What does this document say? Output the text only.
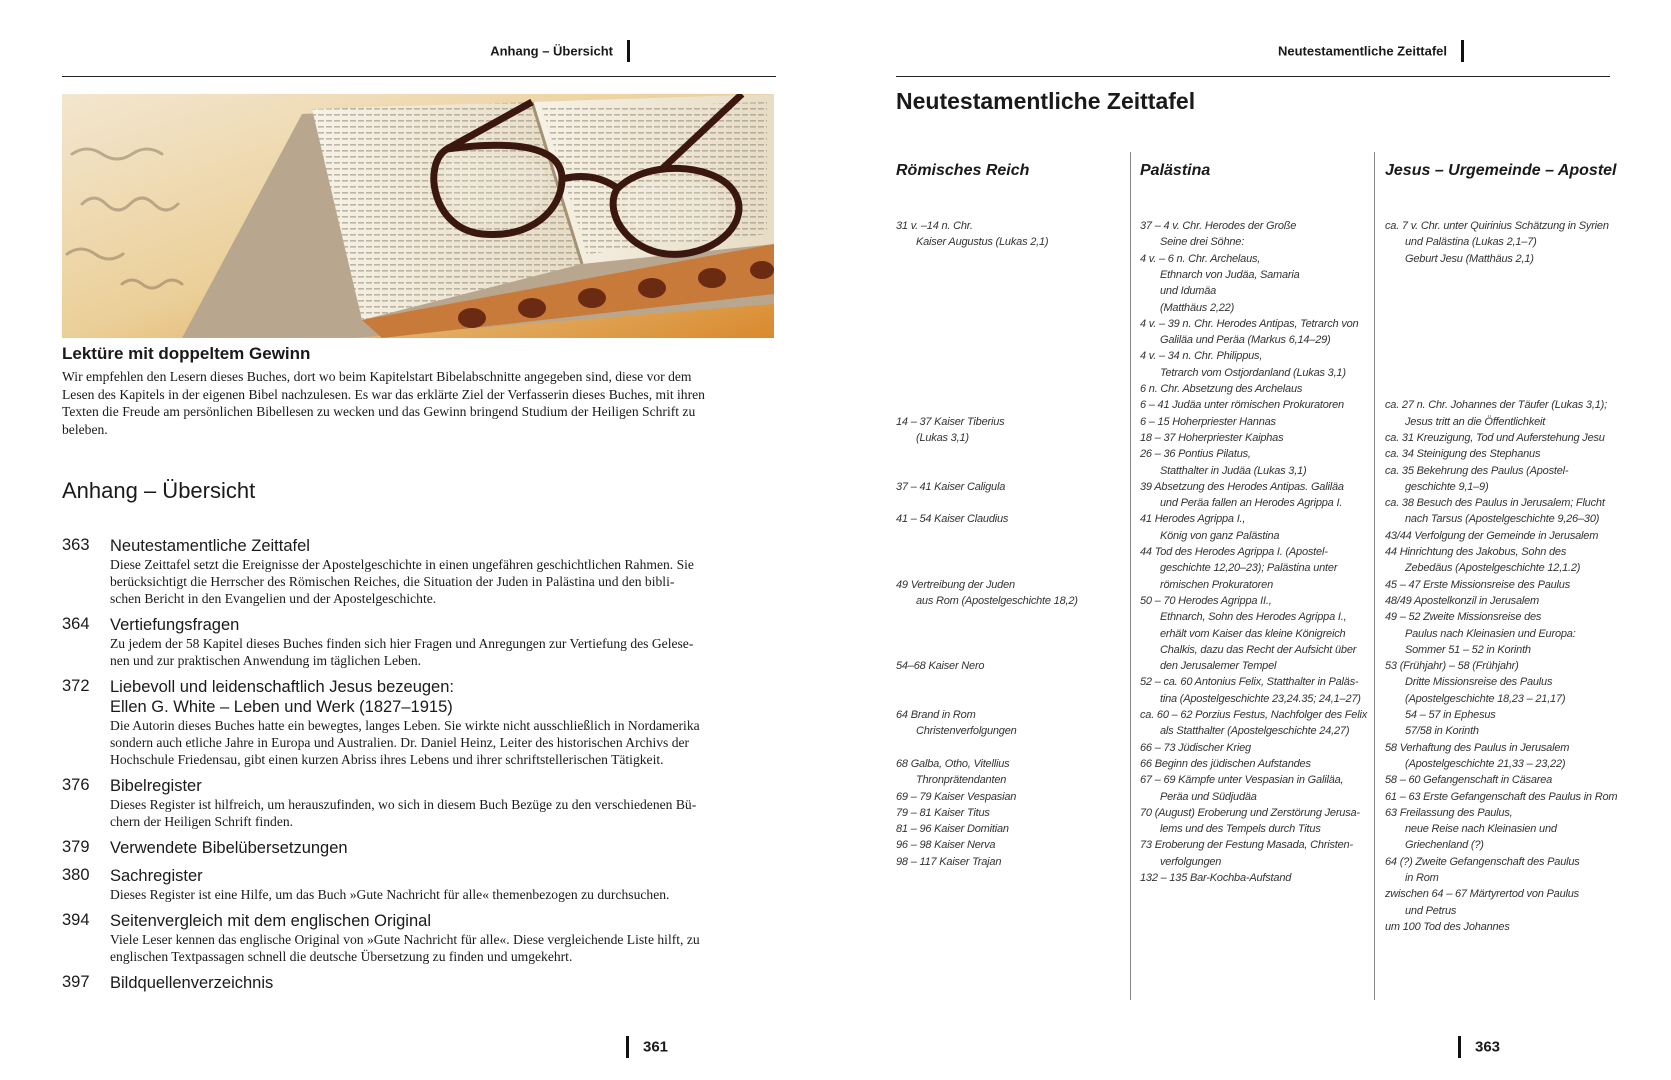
Anhang – Übersicht
Lektüre mit doppeltem Gewinn
Wir empfehlen den Lesern dieses Buches, dort wo beim Kapitelstart Bibelabschnitte angegeben sind, diese vor dem
Lesen des Kapitels in der eigenen Bibel nachzulesen. Es war das erklärte Ziel der Verfasserin dieses Buches, mit ihren
Texten die Freude am persönlichen Bibellesen zu wecken und das Gewinn bringend Studium der Heiligen Schrift zu
beleben.
Anhang – Übersicht
363 Neutestamentliche Zeittafel
Diese Zeittafel setzt die Ereignisse der Apostelgeschichte in einen ungefähren geschichtlichen Rahmen. Sie
berücksichtigt die Herrscher des Römischen Reiches, die Situation der Juden in Palästina und den bibli-
schen Bericht in den Evangelien und der Apostelgeschichte.
364 Vertiefungsfragen
Zu jedem der 58 Kapitel dieses Buches finden sich hier Fragen und Anregungen zur Vertiefung des Gelese-
nen und zur praktischen Anwendung im täglichen Leben.
372 Liebevoll und leidenschaftlich Jesus bezeugen:
Ellen G. White – Leben und Werk (1827–1915)
Die Autorin dieses Buches hatte ein bewegtes, langes Leben. Sie wirkte nicht ausschließlich in Nordamerika
sondern auch etliche Jahre in Europa und Australien. Dr. Daniel Heinz, Leiter des historischen Archivs der
Hochschule Friedensau, gibt einen kurzen Abriss ihres Lebens und ihrer schriftstellerischen Tätigkeit.
376 Bibelregister
Dieses Register ist hilfreich, um herauszufinden, wo sich in diesem Buch Bezüge zu den verschiedenen Bü-
chern der Heiligen Schrift finden.
379 Verwendete Bibelübersetzungen
380 Sachregister
Dieses Register ist eine Hilfe, um das Buch »Gute Nachricht für alle« themenbezogen zu durchsuchen.
394 Seitenvergleich mit dem englischen Original
Viele Leser kennen das englische Original von »Gute Nachricht für alle«. Diese vergleichende Liste hilft, zu
englischen Textpassagen schnell die deutsche Übersetzung zu finden und umgekehrt.
397 Bildquellenverzeichnis
361
Neutestamentliche Zeittafel
Neutestamentliche Zeittafel
Römisches Reich	Palästina	Jesus – Urgemeinde – Apostel
31 v. –14 n. Chr.
Kaiser Augustus (Lukas 2,1)
14 – 37 Kaiser Tiberius
(Lukas 3,1)
37 – 41 Kaiser Caligula
41 – 54 Kaiser Claudius
49 Vertreibung der Juden
aus Rom (Apostelgeschichte 18,2)
54–68 Kaiser Nero
64 Brand in Rom
Christenverfolgungen
68 Galba, Otho, Vitellius
Thronprätendanten
69 – 79 Kaiser Vespasian
79 – 81 Kaiser Titus
81 – 96 Kaiser Domitian
96 – 98 Kaiser Nerva
98 – 117 Kaiser Trajan
37 – 4 v. Chr. Herodes der Große
Seine drei Söhne:
4 v. – 6 n. Chr. Archelaus,
Ethnarch von Judäa, Samaria
und Idumäa
(Matthäus 2,22)
4 v. – 39 n. Chr. Herodes Antipas, Tetrarch von
Galiläa und Peräa (Markus 6,14–29)
4 v. – 34 n. Chr. Philippus,
Tetrarch vom Ostjordanland (Lukas 3,1)
6 n. Chr. Absetzung des Archelaus
6 – 41 Judäa unter römischen Prokuratoren
6 – 15 Hoherpriester Hannas
18 – 37 Hoherpriester Kaiphas
26 – 36 Pontius Pilatus,
Statthalter in Judäa (Lukas 3,1)
39 Absetzung des Herodes Antipas. Galiläa
und Peräa fallen an Herodes Agrippa I.
41 Herodes Agrippa I.,
König von ganz Palästina
44 Tod des Herodes Agrippa I. (Apostel-
geschichte 12,20–23); Palästina unter
römischen Prokuratoren
50 – 70 Herodes Agrippa II.,
Ethnarch, Sohn des Herodes Agrippa I.,
erhält vom Kaiser das kleine Königreich
Chalkis, dazu das Recht der Aufsicht über
den Jerusalemer Tempel
52 – ca. 60 Antonius Felix, Statthalter in Paläs-
tina (Apostelgeschichte 23,24.35; 24,1–27)
ca. 60 – 62 Porzius Festus, Nachfolger des Felix
als Statthalter (Apostelgeschichte 24,27)
66 – 73 Jüdischer Krieg
66 Beginn des jüdischen Aufstandes
67 – 69 Kämpfe unter Vespasian in Galiläa,
Peräa und Südjudäa
70 (August) Eroberung und Zerstörung Jerusa-
lems und des Tempels durch Titus
73 Eroberung der Festung Masada, Christen-
verfolgungen
132 – 135 Bar-Kochba-Aufstand
ca. 7 v. Chr. unter Quirinius Schätzung in Syrien
und Palästina (Lukas 2,1–7)
Geburt Jesu (Matthäus 2,1)
ca. 27 n. Chr. Johannes der Täufer (Lukas 3,1);
Jesus tritt an die Öffentlichkeit
ca. 31 Kreuzigung, Tod und Auferstehung Jesu
ca. 34 Steinigung des Stephanus
ca. 35 Bekehrung des Paulus (Apostel-
geschichte 9,1–9)
ca. 38 Besuch des Paulus in Jerusalem; Flucht
nach Tarsus (Apostelgeschichte 9,26–30)
43/44 Verfolgung der Gemeinde in Jerusalem
44 Hinrichtung des Jakobus, Sohn des
Zebedäus (Apostelgeschichte 12,1.2)
45 – 47 Erste Missionsreise des Paulus
48/49 Apostelkonzil in Jerusalem
49 – 52 Zweite Missionsreise des
Paulus nach Kleinasien und Europa:
Sommer 51 – 52 in Korinth
53 (Frühjahr) – 58 (Frühjahr)
Dritte Missionsreise des Paulus
(Apostelgeschichte 18,23 – 21,17)
54 – 57 in Ephesus
57/58 in Korinth
58 Verhaftung des Paulus in Jerusalem
(Apostelgeschichte 21,33 – 23,22)
58 – 60 Gefangenschaft in Cäsarea
61 – 63 Erste Gefangenschaft des Paulus in Rom
63 Freilassung des Paulus,
neue Reise nach Kleinasien und
Griechenland (?)
64 (?) Zweite Gefangenschaft des Paulus
in Rom
zwischen 64 – 67 Märtyrertod von Paulus
und Petrus
um 100 Tod des Johannes
363
